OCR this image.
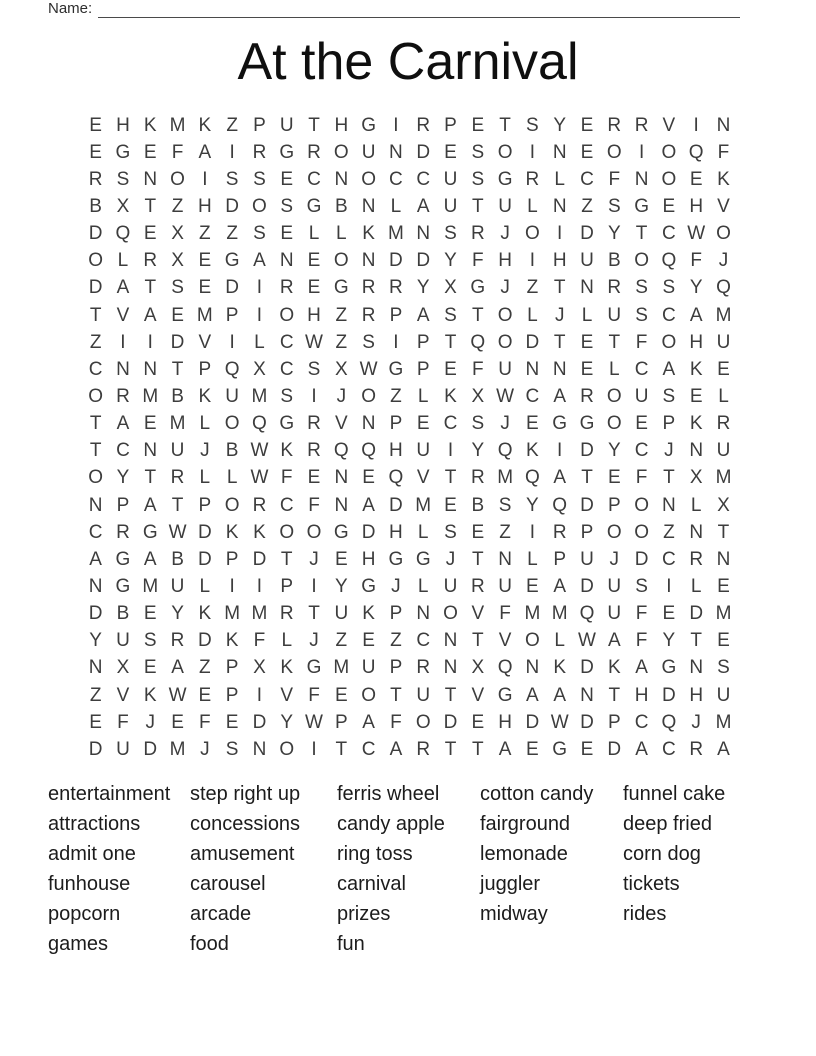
Name:
At the Carnival
E H K M K Z P U T H G I R P E T S Y E R R V I N
E G E F A I R G R O U N D E S O I N E O I O Q F
R S N O I S S E C N O C C U S G R L C F N O E K
B X T Z H D O S G B N L A U T U L N Z S G E H V
D Q E X Z Z S E L L K M N S R J O I D Y T C W O
O L R X E G A N E O N D D Y F H I H U B O Q F J
D A T S E D I R E G R R Y X G J Z T N R S S Y Q
T V A E M P I O H Z R P A S T O L J L U S C A M
Z I	I D V I	L C W Z S I P T Q O D T E T F O H U
C N N T P Q X C S X W G P E F U N N E L C A K E
O R M B K U M S I	J O Z L K X W C A R O U S E L
T A E M L O Q G R V N P E C S J E G G O E P K R
T C N U J B W K R Q Q H U I Y Q K I D Y C J N U
O Y T R L L W F E N E Q V T R M Q A T E F T X M
N P A T P O R C F N A D M E B S Y Q D P O N L X
C R G W D K K O O G D H L S E Z I R P O O Z N T
A G A B D P D T J E H G G J T N L P U J D C R N
N G M U L	I	I P I Y G J L U R U E A D U S I	L E
D B E Y K M M R T U K P N O V F M M Q U F E D M
Y U S R D K F L J Z E Z C N T V O L W A F Y T E
N X E A Z P X K G M U P R N X Q N K D K A G N S
Z V K W E P I V F E O T U T V G A A N T H D H U
E F J E F E D Y W P A F O D E H D W D P C Q J M
D U D M J S N O I T C A R T T A E G E D A C R A
entertainment
attractions
admit one
funhouse
popcorn
games
step right up
concessions
amusement
carousel
arcade
food
ferris wheel
candy apple
ring toss
carnival
prizes
fun
cotton candy
fairground
lemonade
juggler
midway
funnel cake
deep fried
corn dog
tickets
rides
